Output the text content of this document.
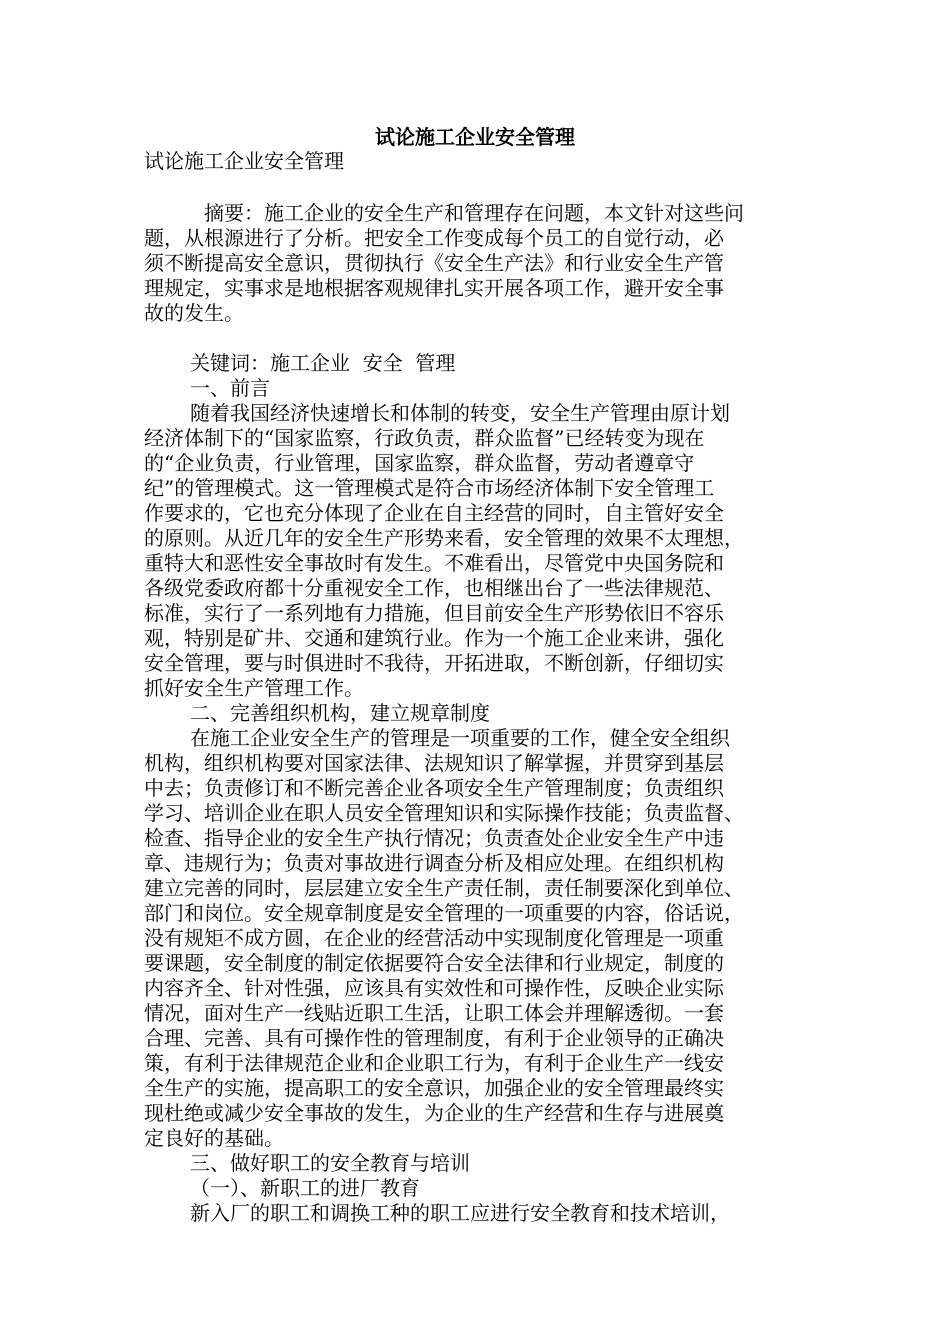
试论施工企业安全管理
试论施工企业安全管理
摘要：施工企业的安全生产和管理存在问题，本文针对这些问
题，从根源进行了分析。把安全工作变成每个员工的自觉行动，必
须不断提高安全意识，贯彻执行《安全生产法》和行业安全生产管
理规定，实事求是地根据客观规律扎实开展各项工作，避开安全事
故的发生。
关键词：施工企业  安全  管理
一、前言
随着我国经济快速增长和体制的转变，安全生产管理由原计划
经济体制下的“国家监察，行政负责，群众监督”已经转变为现在
的“企业负责，行业管理，国家监察，群众监督，劳动者遵章守
纪”的管理模式。这一管理模式是符合市场经济体制下安全管理工
作要求的，它也充分体现了企业在自主经营的同时，自主管好安全
的原则。从近几年的安全生产形势来看，安全管理的效果不太理想，
重特大和恶性安全事故时有发生。不难看出，尽管党中央国务院和
各级党委政府都十分重视安全工作，也相继出台了一些法律规范、
标准，实行了一系列地有力措施，但目前安全生产形势依旧不容乐
观，特别是矿井、交通和建筑行业。作为一个施工企业来讲，强化
安全管理，要与时俱进时不我待，开拓进取，不断创新，仔细切实
抓好安全生产管理工作。
二、完善组织机构，建立规章制度
在施工企业安全生产的管理是一项重要的工作，健全安全组织
机构，组织机构要对国家法律、法规知识了解掌握，并贯穿到基层
中去；负责修订和不断完善企业各项安全生产管理制度；负责组织
学习、培训企业在职人员安全管理知识和实际操作技能；负责监督、
检查、指导企业的安全生产执行情况；负责查处企业安全生产中违
章、违规行为；负责对事故进行调查分析及相应处理。在组织机构
建立完善的同时，层层建立安全生产责任制，责任制要深化到单位、
部门和岗位。安全规章制度是安全管理的一项重要的内容，俗话说，
没有规矩不成方圆，在企业的经营活动中实现制度化管理是一项重
要课题，安全制度的制定依据要符合安全法律和行业规定，制度的
内容齐全、针对性强，应该具有实效性和可操作性，反映企业实际
情况，面对生产一线贴近职工生活，让职工体会并理解透彻。一套
合理、完善、具有可操作性的管理制度，有利于企业领导的正确决
策，有利于法律规范企业和企业职工行为，有利于企业生产一线安
全生产的实施，提高职工的安全意识，加强企业的安全管理最终实
现杜绝或减少安全事故的发生，为企业的生产经营和生存与进展奠
定良好的基础。
三、做好职工的安全教育与培训
（一）、新职工的进厂教育
新入厂的职工和调换工种的职工应进行安全教育和技术培训，
